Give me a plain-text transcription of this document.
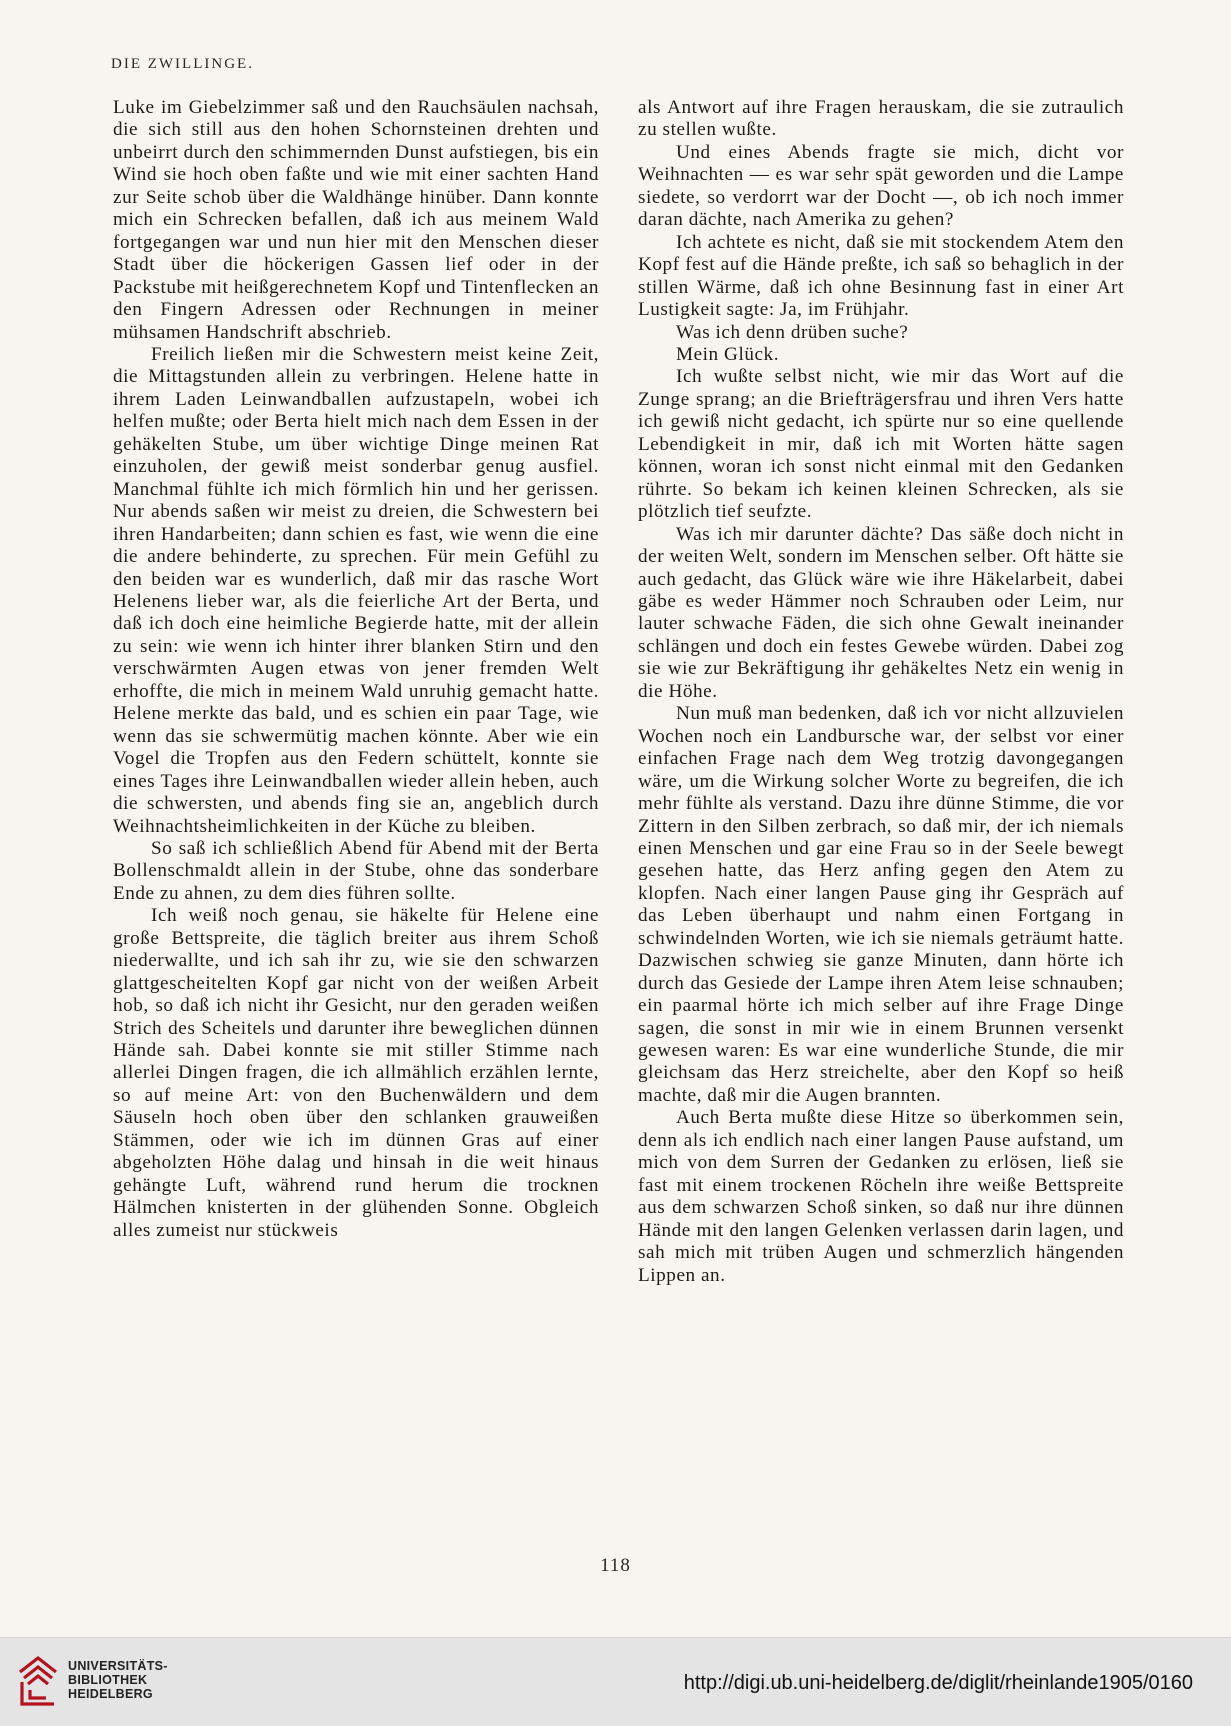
DIE ZWILLINGE.

Luke im Giebelzimmer saß und den Rauchsäulen nachsah, die sich still aus den hohen Schornsteinen drehten und unbeirrt durch den schimmernden Dunst aufstiegen, bis ein Wind sie hoch oben faßte und wie mit einer sachten Hand zur Seite schob über die Waldhänge hinüber. Dann konnte mich ein Schrecken befallen, daß ich aus meinem Wald fortgegangen war und nun hier mit den Menschen dieser Stadt über die höckerigen Gassen lief oder in der Packstube mit heißgerechnetem Kopf und Tintenflecken an den Fingern Adressen oder Rechnungen in meiner mühsamen Handschrift abschrieb.

Freilich ließen mir die Schwestern meist keine Zeit, die Mittagstunden allein zu verbringen. Helene hatte in ihrem Laden Leinwandballen aufzustapeln, wobei ich helfen mußte; oder Berta hielt mich nach dem Essen in der gehäkelten Stube, um über wichtige Dinge meinen Rat einzuholen, der gewiß meist sonderbar genug ausfiel. Manchmal fühlte ich mich förmlich hin und her gerissen. Nur abends saßen wir meist zu dreien, die Schwestern bei ihren Handarbeiten; dann schien es fast, wie wenn die eine die andere behinderte, zu sprechen. Für mein Gefühl zu den beiden war es wunderlich, daß mir das rasche Wort Helenens lieber war, als die feierliche Art der Berta, und daß ich doch eine heimliche Begierde hatte, mit der allein zu sein: wie wenn ich hinter ihrer blanken Stirn und den verschwärmten Augen etwas von jener fremden Welt erhoffte, die mich in meinem Wald unruhig gemacht hatte. Helene merkte das bald, und es schien ein paar Tage, wie wenn das sie schwermütig machen könnte. Aber wie ein Vogel die Tropfen aus den Federn schüttelt, konnte sie eines Tages ihre Leinwandballen wieder allein heben, auch die schwersten, und abends fing sie an, angeblich durch Weihnachtsheimlichkeiten in der Küche zu bleiben.

So saß ich schließlich Abend für Abend mit der Berta Bollenschmaldt allein in der Stube, ohne das sonderbare Ende zu ahnen, zu dem dies führen sollte.

Ich weiß noch genau, sie häkelte für Helene eine große Bettspreite, die täglich breiter aus ihrem Schoß niederwallte, und ich sah ihr zu, wie sie den schwarzen glattgescheitelten Kopf gar nicht von der weißen Arbeit hob, so daß ich nicht ihr Gesicht, nur den geraden weißen Strich des Scheitels und darunter ihre beweglichen dünnen Hände sah. Dabei konnte sie mit stiller Stimme nach allerlei Dingen fragen, die ich allmählich erzählen lernte, so auf meine Art: von den Buchenwäldern und dem Säuseln hoch oben über den schlanken grauweißen Stämmen, oder wie ich im dünnen Gras auf einer abgeholzten Höhe dalag und hinsah in die weit hinaus gehängte Luft, während rund herum die trocknen Hälmchen knisterten in der glühenden Sonne. Obgleich alles zumeist nur stückweis

als Antwort auf ihre Fragen herauskam, die sie zutraulich zu stellen wußte.

Und eines Abends fragte sie mich, dicht vor Weihnachten — es war sehr spät geworden und die Lampe siedete, so verdorrt war der Docht —, ob ich noch immer daran dächte, nach Amerika zu gehen?

Ich achtete es nicht, daß sie mit stockendem Atem den Kopf fest auf die Hände preßte, ich saß so behaglich in der stillen Wärme, daß ich ohne Besinnung fast in einer Art Lustigkeit sagte: Ja, im Frühjahr.

Was ich denn drüben suche?

Mein Glück.

Ich wußte selbst nicht, wie mir das Wort auf die Zunge sprang; an die Briefträgersfrau und ihren Vers hatte ich gewiß nicht gedacht, ich spürte nur so eine quellende Lebendigkeit in mir, daß ich mit Worten hätte sagen können, woran ich sonst nicht einmal mit den Gedanken rührte. So bekam ich keinen kleinen Schrecken, als sie plötzlich tief seufzte.

Was ich mir darunter dächte? Das säße doch nicht in der weiten Welt, sondern im Menschen selber. Oft hätte sie auch gedacht, das Glück wäre wie ihre Häkelarbeit, dabei gäbe es weder Hämmer noch Schrauben oder Leim, nur lauter schwache Fäden, die sich ohne Gewalt ineinander schlängen und doch ein festes Gewebe würden. Dabei zog sie wie zur Bekräftigung ihr gehäkeltes Netz ein wenig in die Höhe.

Nun muß man bedenken, daß ich vor nicht allzuvielen Wochen noch ein Landbursche war, der selbst vor einer einfachen Frage nach dem Weg trotzig davongegangen wäre, um die Wirkung solcher Worte zu begreifen, die ich mehr fühlte als verstand. Dazu ihre dünne Stimme, die vor Zittern in den Silben zerbrach, so daß mir, der ich niemals einen Menschen und gar eine Frau so in der Seele bewegt gesehen hatte, das Herz anfing gegen den Atem zu klopfen. Nach einer langen Pause ging ihr Gespräch auf das Leben überhaupt und nahm einen Fortgang in schwindelnden Worten, wie ich sie niemals geträumt hatte. Dazwischen schwieg sie ganze Minuten, dann hörte ich durch das Gesiede der Lampe ihren Atem leise schnauben; ein paarmal hörte ich mich selber auf ihre Frage Dinge sagen, die sonst in mir wie in einem Brunnen versenkt gewesen waren: Es war eine wunderliche Stunde, die mir gleichsam das Herz streichelte, aber den Kopf so heiß machte, daß mir die Augen brannten.

Auch Berta mußte diese Hitze so überkommen sein, denn als ich endlich nach einer langen Pause aufstand, um mich von dem Surren der Gedanken zu erlösen, ließ sie fast mit einem trockenen Röcheln ihre weiße Bettspreite aus dem schwarzen Schoß sinken, so daß nur ihre dünnen Hände mit den langen Gelenken verlassen darin lagen, und sah mich mit trüben Augen und schmerzlich hängenden Lippen an.

118
UNIVERSITÄTS-
BIBLIOTHEK
HEIDELBERG	http://digi.ub.uni-heidelberg.de/diglit/rheinlande1905/0160
